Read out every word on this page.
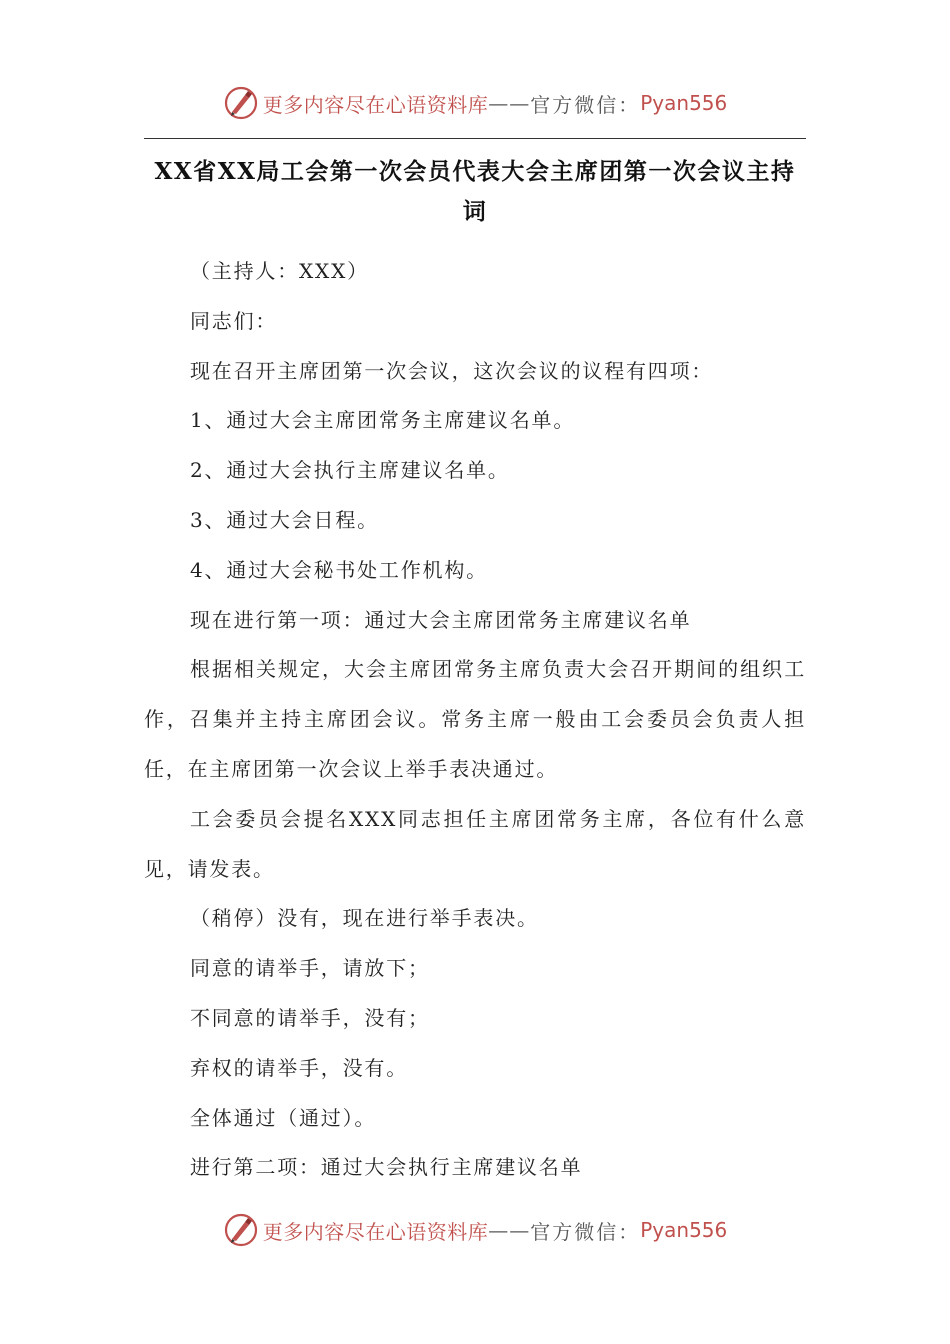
更多内容尽在心语资料库 —— 官方微信： Pyan556
XX省XX局工会第一次会员代表大会主席团第一次会议主持词

（主持人：XXX）

同志们：

现在召开主席团第一次会议，这次会议的议程有四项：

1、通过大会主席团常务主席建议名单。

2、通过大会执行主席建议名单。

3、通过大会日程。

4、通过大会秘书处工作机构。

现在进行第一项：通过大会主席团常务主席建议名单

根据相关规定，大会主席团常务主席负责大会召开期间的组织工作，召集并主持主席团会议。常务主席一般由工会委员会负责人担任，在主席团第一次会议上举手表决通过。

工会委员会提名XXX同志担任主席团常务主席，各位有什么意见，请发表。

（稍停）没有，现在进行举手表决。

同意的请举手，请放下；

不同意的请举手，没有；

弃权的请举手，没有。

全体通过（通过）。

进行第二项：通过大会执行主席建议名单

更多内容尽在心语资料库 —— 官方微信： Pyan556
